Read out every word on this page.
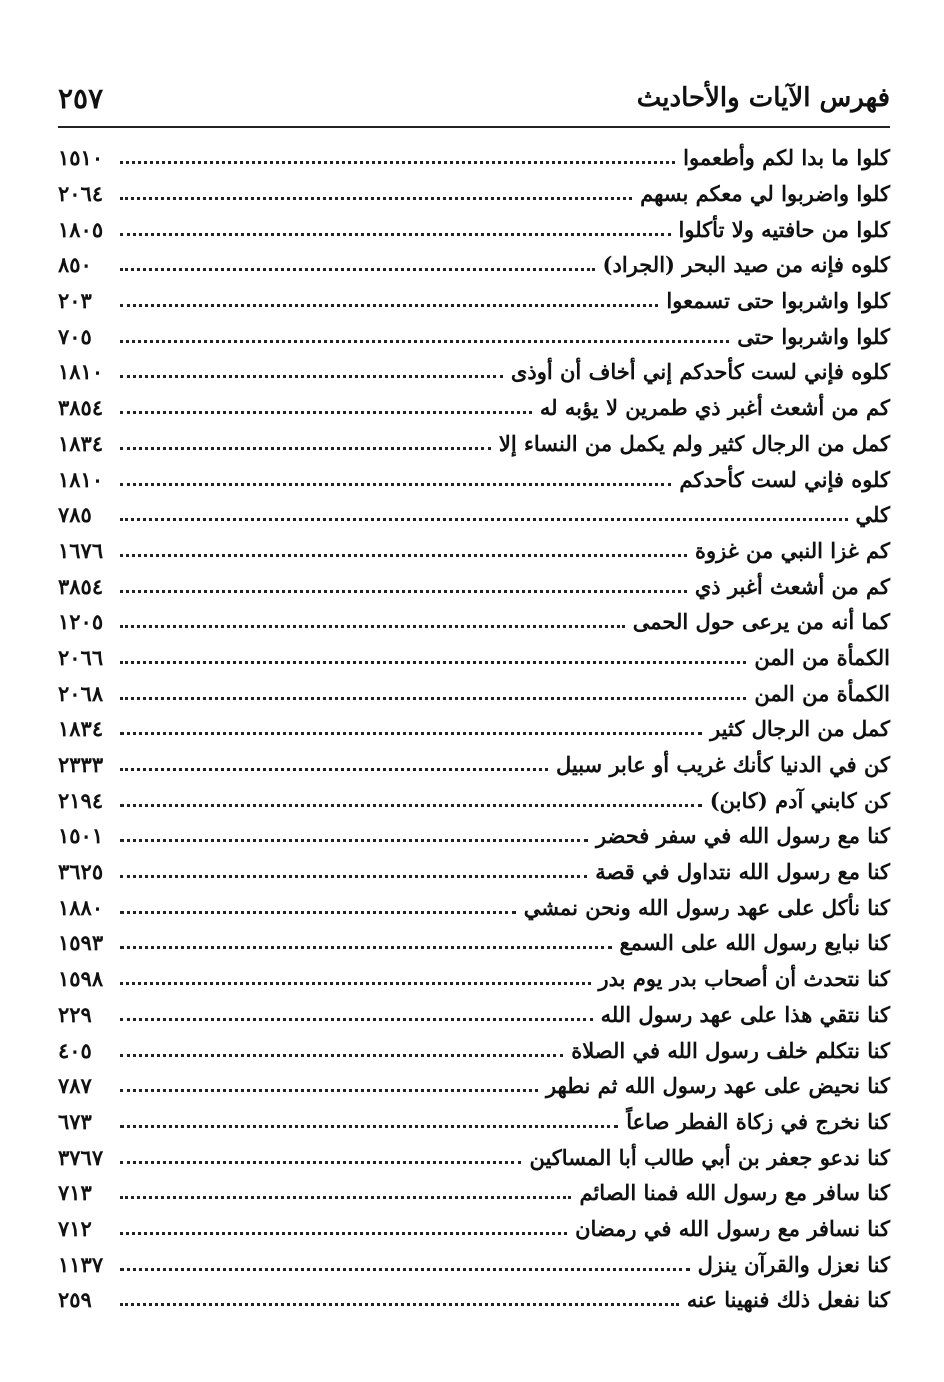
فهرس الآيات والأحاديث
٢٥٧
كلوا ما بدا لكم وأطعموا
١٥١٠
كلوا واضربوا لي معكم بسهم
٢٠٦٤
كلوا من حافتيه ولا تأكلوا
١٨٠٥
كلوه فإنه من صيد البحر (الجراد)
٨٥٠
كلوا واشربوا حتى تسمعوا
٢٠٣
كلوا واشربوا حتى
٧٠٥
كلوه فإني لست كأحدكم إني أخاف أن أوذى
١٨١٠
كم من أشعث أغبر ذي طمرين لا يؤبه له
٣٨٥٤
كمل من الرجال كثير ولم يكمل من النساء إلا
١٨٣٤
كلوه فإني لست كأحدكم
١٨١٠
كلي
٧٨٥
كم غزا النبي من غزوة
١٦٧٦
كم من أشعث أغبر ذي
٣٨٥٤
كما أنه من يرعى حول الحمى
١٢٠٥
الكمأة من المن
٢٠٦٦
الكمأة من المن
٢٠٦٨
كمل من الرجال كثير
١٨٣٤
كن في الدنيا كأنك غريب أو عابر سبيل
٢٣٣٣
كن كابني آدم (كابن)
٢١٩٤
كنا مع رسول الله في سفر فحضر
١٥٠١
كنا مع رسول الله نتداول في قصة
٣٦٢٥
كنا نأكل على عهد رسول الله ونحن نمشي
١٨٨٠
كنا نبايع رسول الله على السمع
١٥٩٣
كنا نتحدث أن أصحاب بدر يوم بدر
١٥٩٨
كنا نتقي هذا على عهد رسول الله
٢٢٩
كنا نتكلم خلف رسول الله في الصلاة
٤٠٥
كنا نحيض على عهد رسول الله ثم نطهر
٧٨٧
كنا نخرج في زكاة الفطر صاعاً
٦٧٣
كنا ندعو جعفر بن أبي طالب أبا المساكين
٣٧٦٧
كنا سافر مع رسول الله فمنا الصائم
٧١٣
كنا نسافر مع رسول الله في رمضان
٧١٢
كنا نعزل والقرآن ينزل
١١٣٧
كنا نفعل ذلك فنهينا عنه
٢٥٩
